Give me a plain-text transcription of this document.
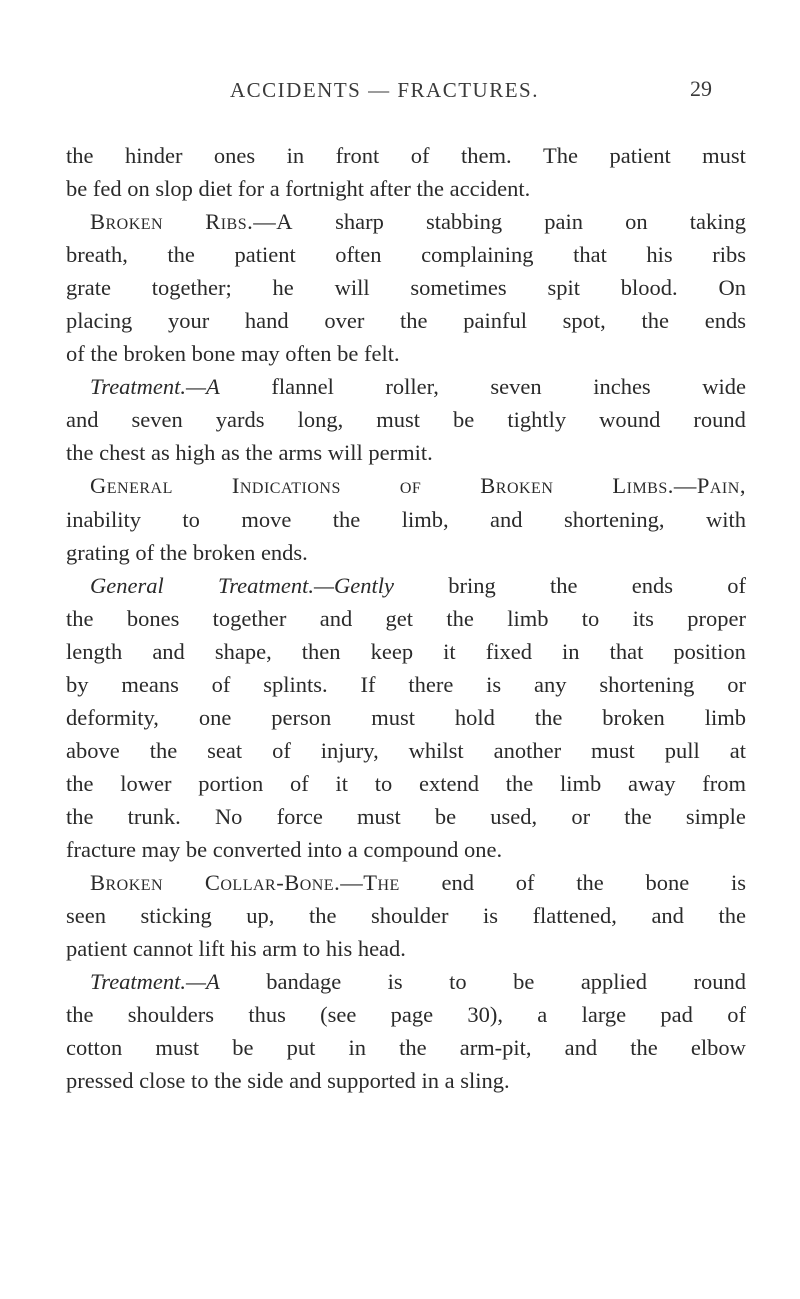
ACCIDENTS — FRACTURES.	29
the hinder ones in front of them. The patient must
be fed on slop diet for a fortnight after the accident.
Broken Ribs.—A sharp stabbing pain on taking
breath, the patient often complaining that his ribs
grate together; he will sometimes spit blood. On
placing your hand over the painful spot, the ends
of the broken bone may often be felt.
Treatment.—A flannel roller, seven inches wide
and seven yards long, must be tightly wound round
the chest as high as the arms will permit.
General	Indications	of	Broken	Limbs.—Pain,
inability to move the limb, and shortening, with
grating of the broken ends.
General Treatment.—Gently bring the ends of
the bones together and get the limb to its proper
length and shape, then keep it fixed in that position
by means of splints. If there is any shortening or
deformity, one person must hold the broken limb
above the seat of injury, whilst another must pull at
the lower portion of it to extend the limb away from
the trunk. No force must be used, or the simple
fracture may be converted into a compound one.
Broken Collar-Bone.—The end of the bone is
seen sticking up, the shoulder is flattened, and the
patient cannot lift his arm to his head.
Treatment.—A bandage is to be applied round
the shoulders thus (see page 30), a large pad of
cotton must be put in the arm-pit, and the elbow
pressed close to the side and supported in a sling.
